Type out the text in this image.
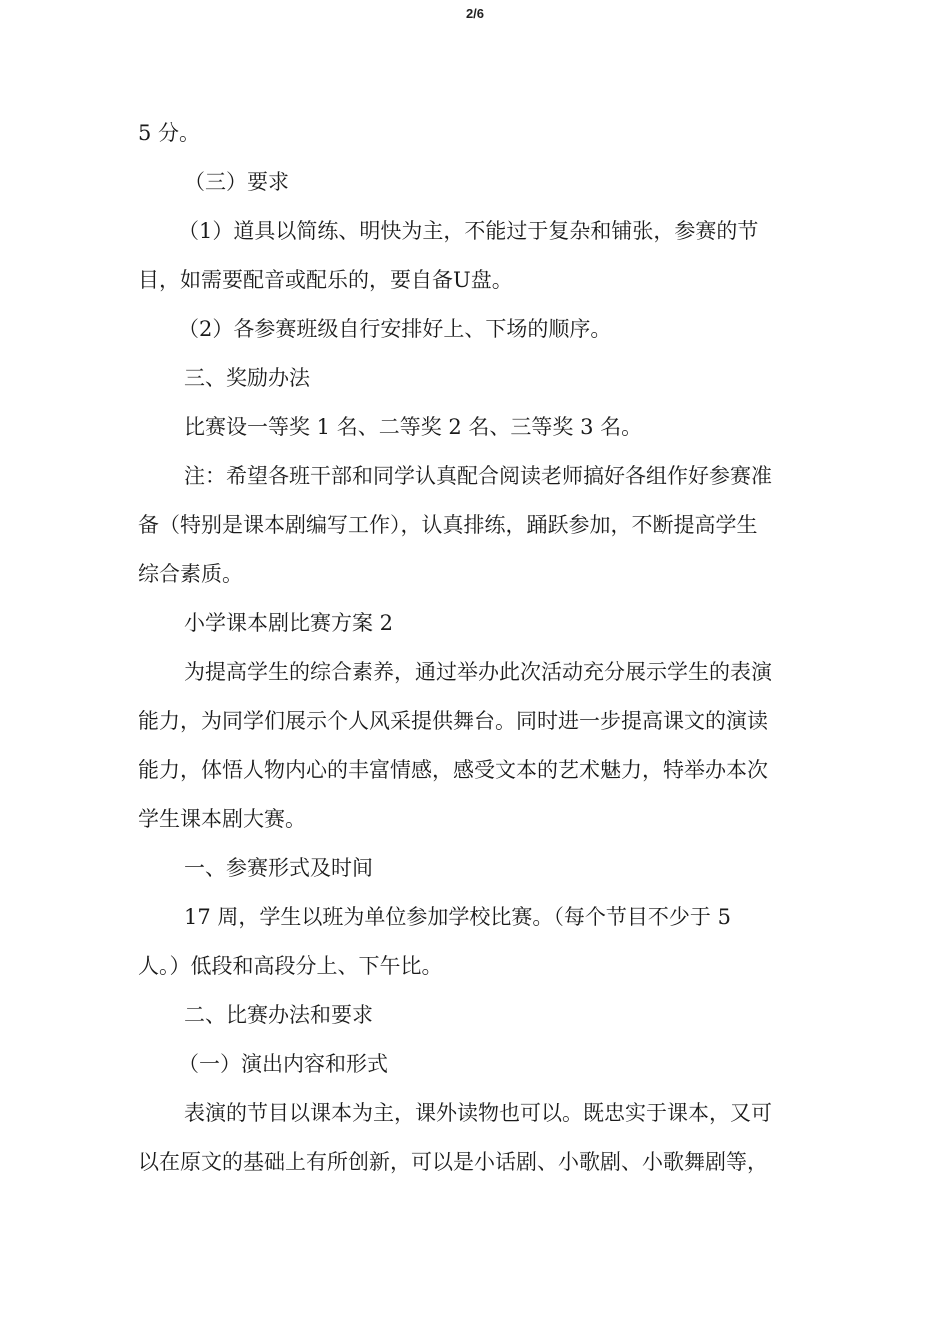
2/6

5 分。

（三）要求

（1）道具以简练、明快为主，不能过于复杂和铺张，参赛的节

目，如需要配音或配乐的，要自备U盘。

（2）各参赛班级自行安排好上、下场的顺序。

三、奖励办法

比赛设一等奖 1 名、二等奖 2 名、三等奖 3 名。

注：希望各班干部和同学认真配合阅读老师搞好各组作好参赛准

备（特别是课本剧编写工作），认真排练，踊跃参加，不断提高学生

综合素质。

小学课本剧比赛方案 2

为提高学生的综合素养，通过举办此次活动充分展示学生的表演

能力，为同学们展示个人风采提供舞台。同时进一步提高课文的演读

能力，体悟人物内心的丰富情感，感受文本的艺术魅力，特举办本次

学生课本剧大赛。

一、参赛形式及时间

17 周，学生以班为单位参加学校比赛。（每个节目不少于 5

人。）低段和高段分上、下午比。

二、比赛办法和要求

（一）演出内容和形式

表演的节目以课本为主，课外读物也可以。既忠实于课本，又可

以在原文的基础上有所创新，可以是小话剧、小歌剧、小歌舞剧等，
